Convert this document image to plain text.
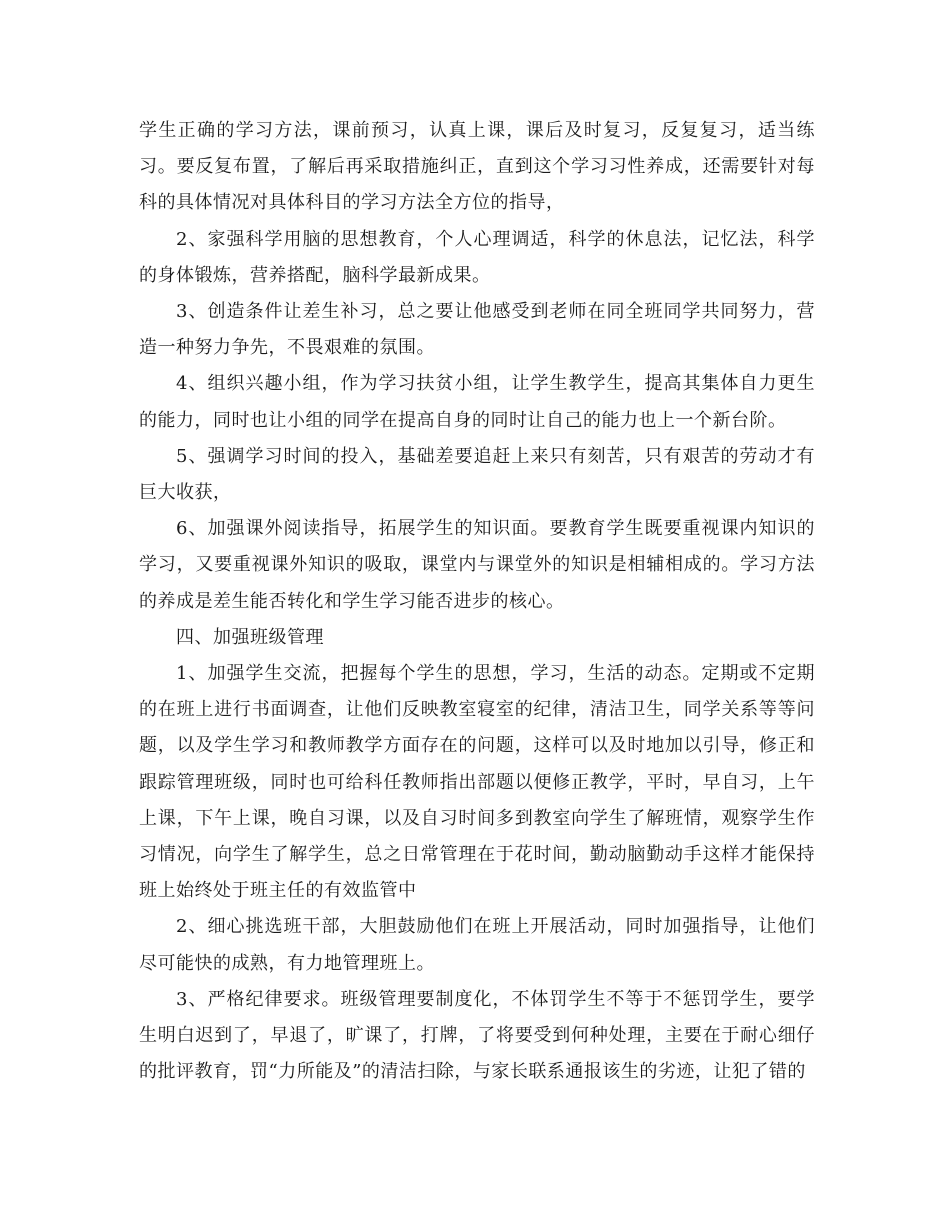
学生正确的学习方法，课前预习，认真上课，课后及时复习，反复复习，适当练习。要反复布置，了解后再采取措施纠正，直到这个学习习性养成，还需要针对每科的具体情况对具体科目的学习方法全方位的指导，

2、家强科学用脑的思想教育，个人心理调适，科学的休息法，记忆法，科学的身体锻炼，营养搭配，脑科学最新成果。

3、创造条件让差生补习，总之要让他感受到老师在同全班同学共同努力，营造一种努力争先，不畏艰难的氛围。

4、组织兴趣小组，作为学习扶贫小组，让学生教学生，提高其集体自力更生的能力，同时也让小组的同学在提高自身的同时让自己的能力也上一个新台阶。

5、强调学习时间的投入，基础差要追赶上来只有刻苦，只有艰苦的劳动才有巨大收获，

6、加强课外阅读指导，拓展学生的知识面。要教育学生既要重视课内知识的学习，又要重视课外知识的吸取，课堂内与课堂外的知识是相辅相成的。学习方法的养成是差生能否转化和学生学习能否进步的核心。

四、加强班级管理

1、加强学生交流，把握每个学生的思想，学习，生活的动态。定期或不定期的在班上进行书面调查，让他们反映教室寝室的纪律，清洁卫生，同学关系等等问题，以及学生学习和教师教学方面存在的问题，这样可以及时地加以引导，修正和跟踪管理班级，同时也可给科任教师指出部题以便修正教学，平时，早自习，上午上课，下午上课，晚自习课，以及自习时间多到教室向学生了解班情，观察学生作习情况，向学生了解学生，总之日常管理在于花时间，勤动脑勤动手这样才能保持班上始终处于班主任的有效监管中

2、细心挑选班干部，大胆鼓励他们在班上开展活动，同时加强指导，让他们尽可能快的成熟，有力地管理班上。

3、严格纪律要求。班级管理要制度化，不体罚学生不等于不惩罚学生，要学生明白迟到了，早退了，旷课了，打牌，了将要受到何种处理，主要在于耐心细仔的批评教育，罚“力所能及”的清洁扫除，与家长联系通报该生的劣迹，让犯了错的
